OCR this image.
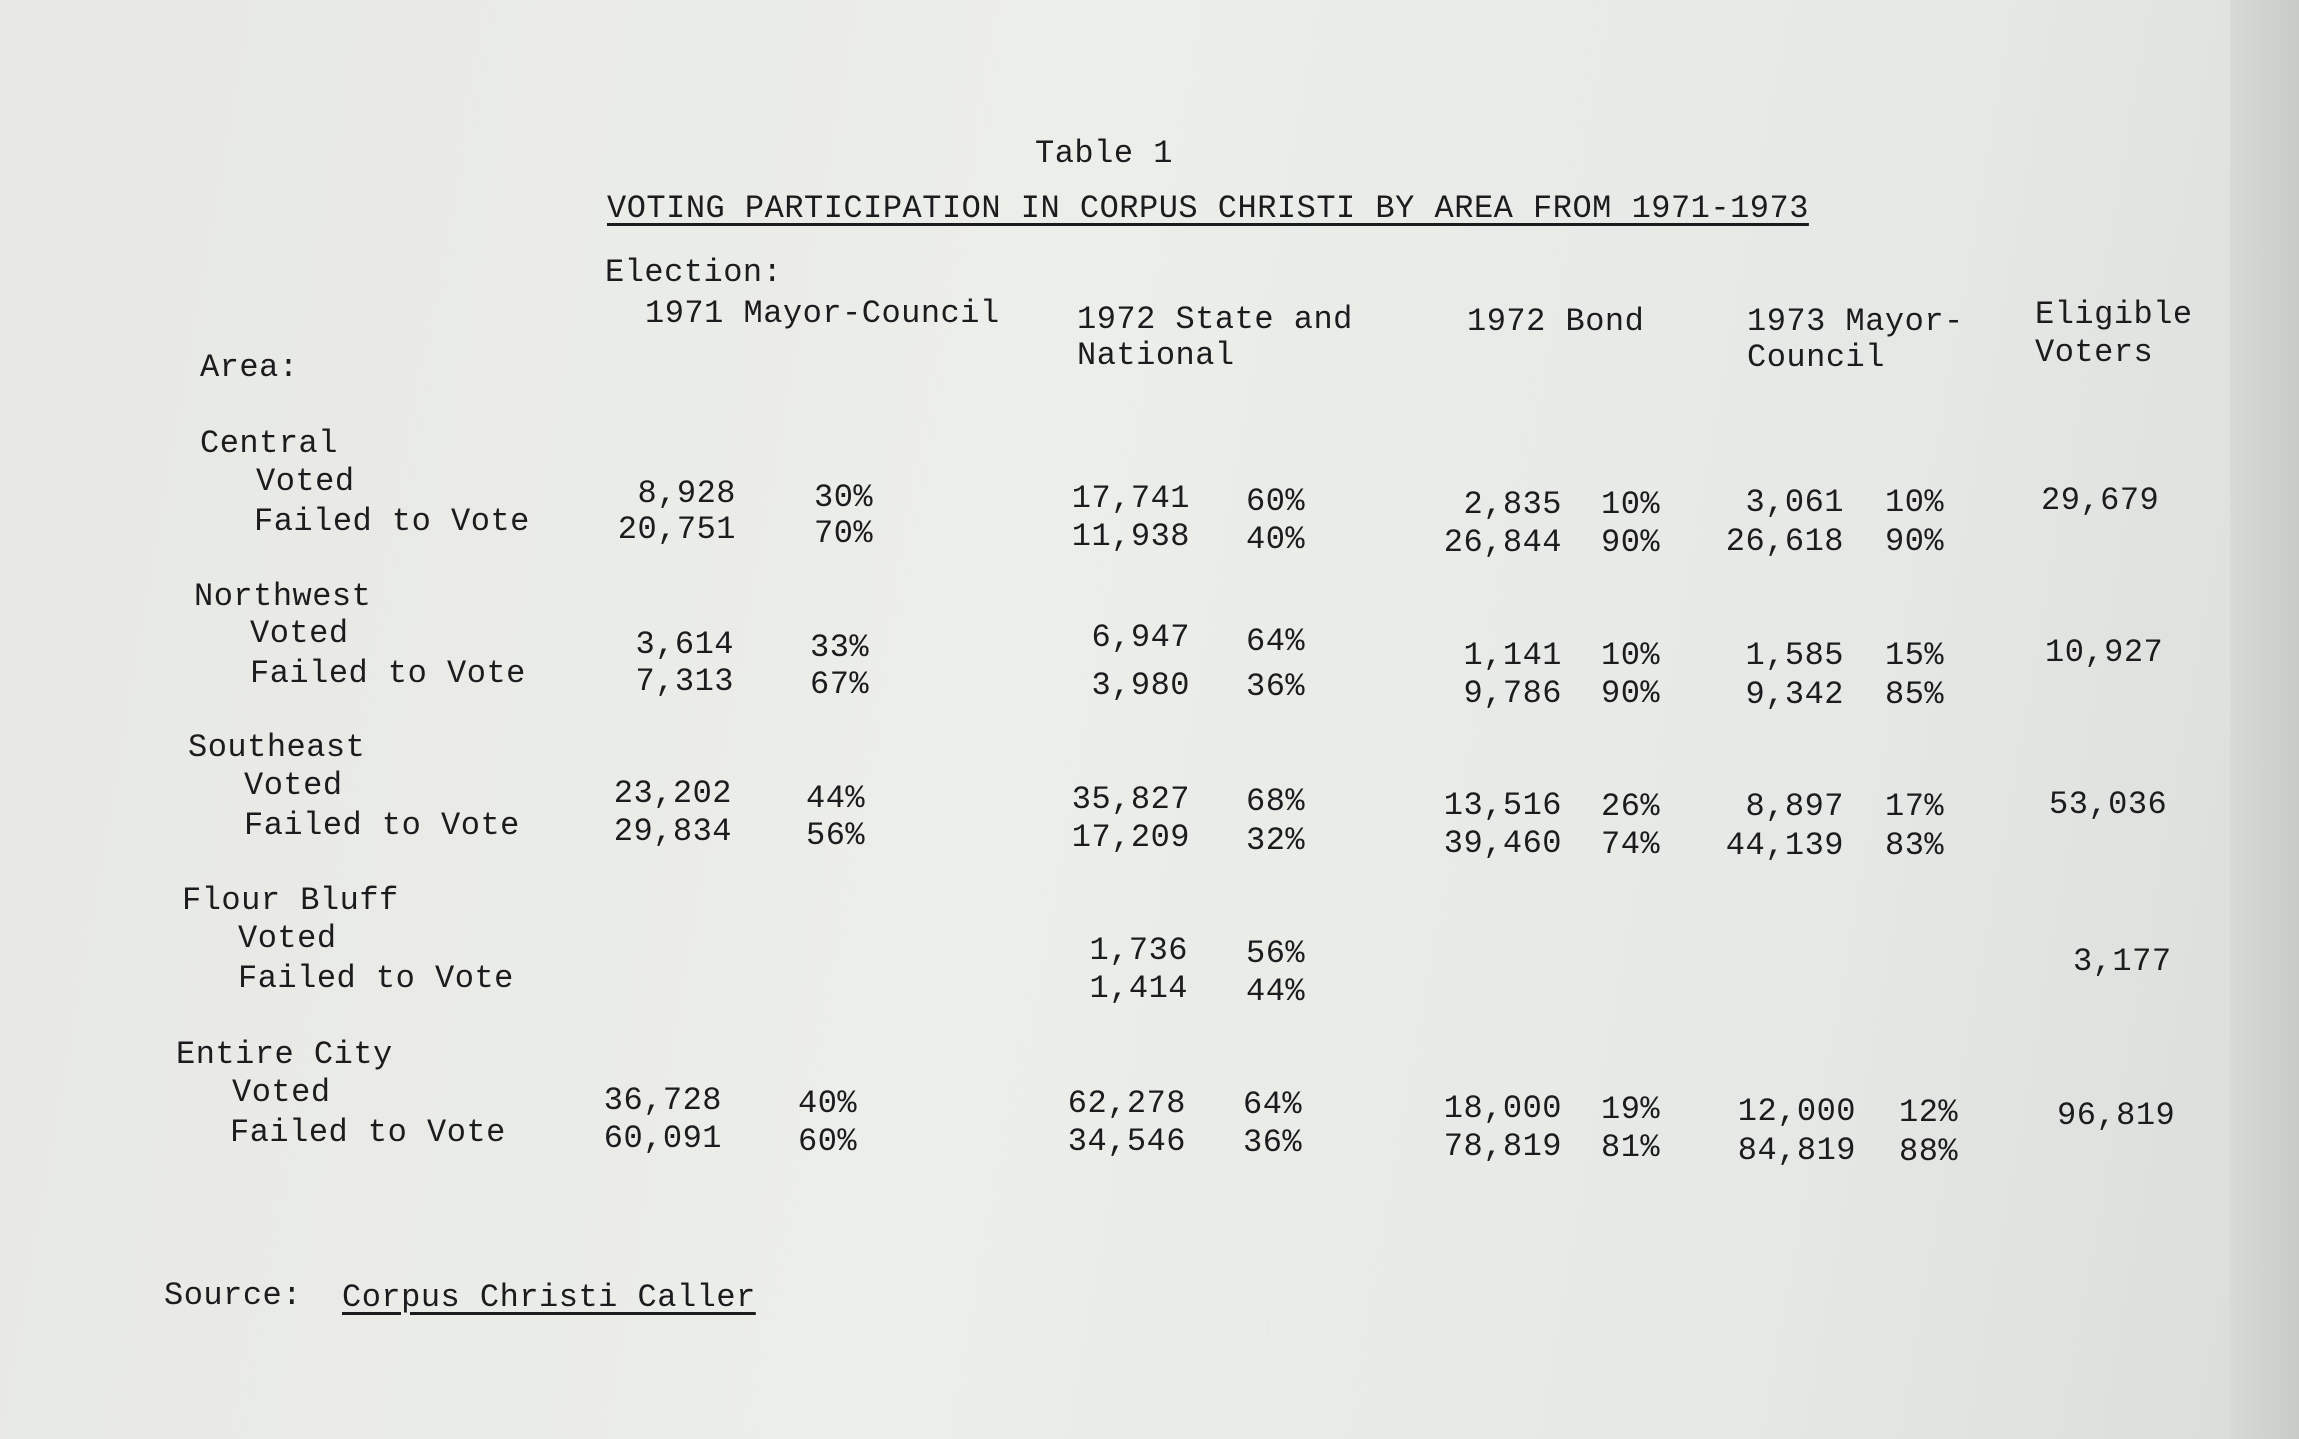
Table 1
VOTING PARTICIPATION IN CORPUS CHRISTI BY AREA FROM 1971-1973
Election:
1971 Mayor-Council 1972 State and
National
1972 Bond	1973 Mayor-
Council
Eligible
Voters
Area:
Central
Voted
Failed to Vote
8,928 30%
20,751 70%
17,741 60%
11,938 40%
2,835 10%
26,844 90%
3,061 10%
26,618 90%
29,679
Northwest
Voted
Failed to Vote
3,614 33%
7,313 67%
6,947 64%
3,980 36%
1,141 10%
9,786 90%
1,585 15%
9,342 85%
10,927
Southeast
Voted
Failed to Vote
23,202 44%
29,834 56%
35,827 68%
17,209 32%
13,516 26%
39,460 74%
8,897 17%
44,139 83%
53,036
Flour Bluff
Voted
Failed to Vote
1,736 56%
1,414 44%
3,177
Entire City
Voted
Failed to Vote
36,728 40%
60,091 60%
62,278 64%
34,546 36%
18,000 19%
78,819 81%
12,000 12%
84,819 88%
96,819
Source: Corpus Christi Caller
